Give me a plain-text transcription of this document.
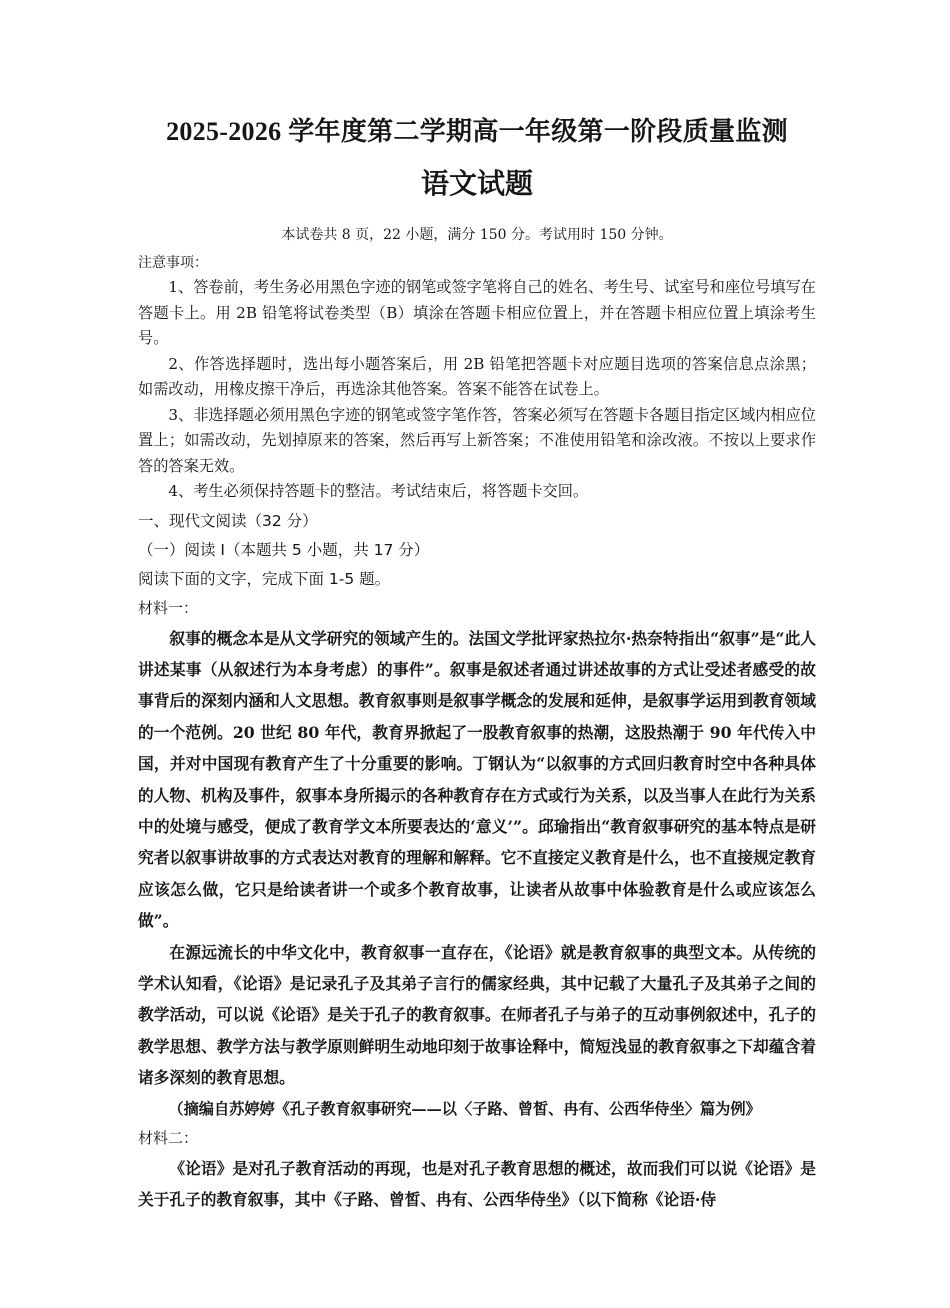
2025-2026 学年度第二学期高一年级第一阶段质量监测
语文试题
本试卷共 8 页，22 小题，满分 150 分。考试用时 150 分钟。
注意事项：

1、答卷前，考生务必用黑色字迹的钢笔或签字笔将自己的姓名、考生号、试室号和座位号填写在答题卡上。用 2B 铅笔将试卷类型（B）填涂在答题卡相应位置上，并在答题卡相应位置上填涂考生号。

2、作答选择题时，选出每小题答案后，用 2B 铅笔把答题卡对应题目选项的答案信息点涂黑；如需改动，用橡皮擦干净后，再选涂其他答案。答案不能答在试卷上。

3、非选择题必须用黑色字迹的钢笔或签字笔作答，答案必须写在答题卡各题目指定区域内相应位置上；如需改动，先划掉原来的答案，然后再写上新答案；不准使用铅笔和涂改液。不按以上要求作答的答案无效。

4、考生必须保持答题卡的整洁。考试结束后，将答题卡交回。

一、现代文阅读（32 分）
（一）阅读 I（本题共 5 小题，共 17 分）
阅读下面的文字，完成下面 1-5 题。
材料一：

叙事的概念本是从文学研究的领域产生的。法国文学批评家热拉尔·热奈特指出“叙事”是“此人讲述某事（从叙述行为本身考虑）的事件”。叙事是叙述者通过讲述故事的方式让受述者感受的故事背后的深刻内涵和人文思想。教育叙事则是叙事学概念的发展和延伸，是叙事学运用到教育领域的一个范例。20 世纪 80 年代，教育界掀起了一股教育叙事的热潮，这股热潮于 90 年代传入中国，并对中国现有教育产生了十分重要的影响。丁钢认为“以叙事的方式回归教育时空中各种具体的人物、机构及事件，叙事本身所揭示的各种教育存在方式或行为关系，以及当事人在此行为关系中的处境与感受，便成了教育学文本所要表达的‘意义’”。邱瑜指出“教育叙事研究的基本特点是研究者以叙事讲故事的方式表达对教育的理解和解释。它不直接定义教育是什么，也不直接规定教育应该怎么做，它只是给读者讲一个或多个教育故事，让读者从故事中体验教育是什么或应该怎么做”。

在源远流长的中华文化中，教育叙事一直存在，《论语》就是教育叙事的典型文本。从传统的学术认知看，《论语》是记录孔子及其弟子言行的儒家经典，其中记载了大量孔子及其弟子之间的教学活动，可以说《论语》是关于孔子的教育叙事。在师者孔子与弟子的互动事例叙述中，孔子的教学思想、教学方法与教学原则鲜明生动地印刻于故事诠释中，简短浅显的教育叙事之下却蕴含着诸多深刻的教育思想。

（摘编自苏婷婷《孔子教育叙事研究——以〈子路、曾皙、冉有、公西华侍坐〉篇为例》

材料二：

《论语》是对孔子教育活动的再现，也是对孔子教育思想的概述，故而我们可以说《论语》是关于孔子的教育叙事，其中《子路、曾皙、冉有、公西华侍坐》（以下简称《论语·侍
